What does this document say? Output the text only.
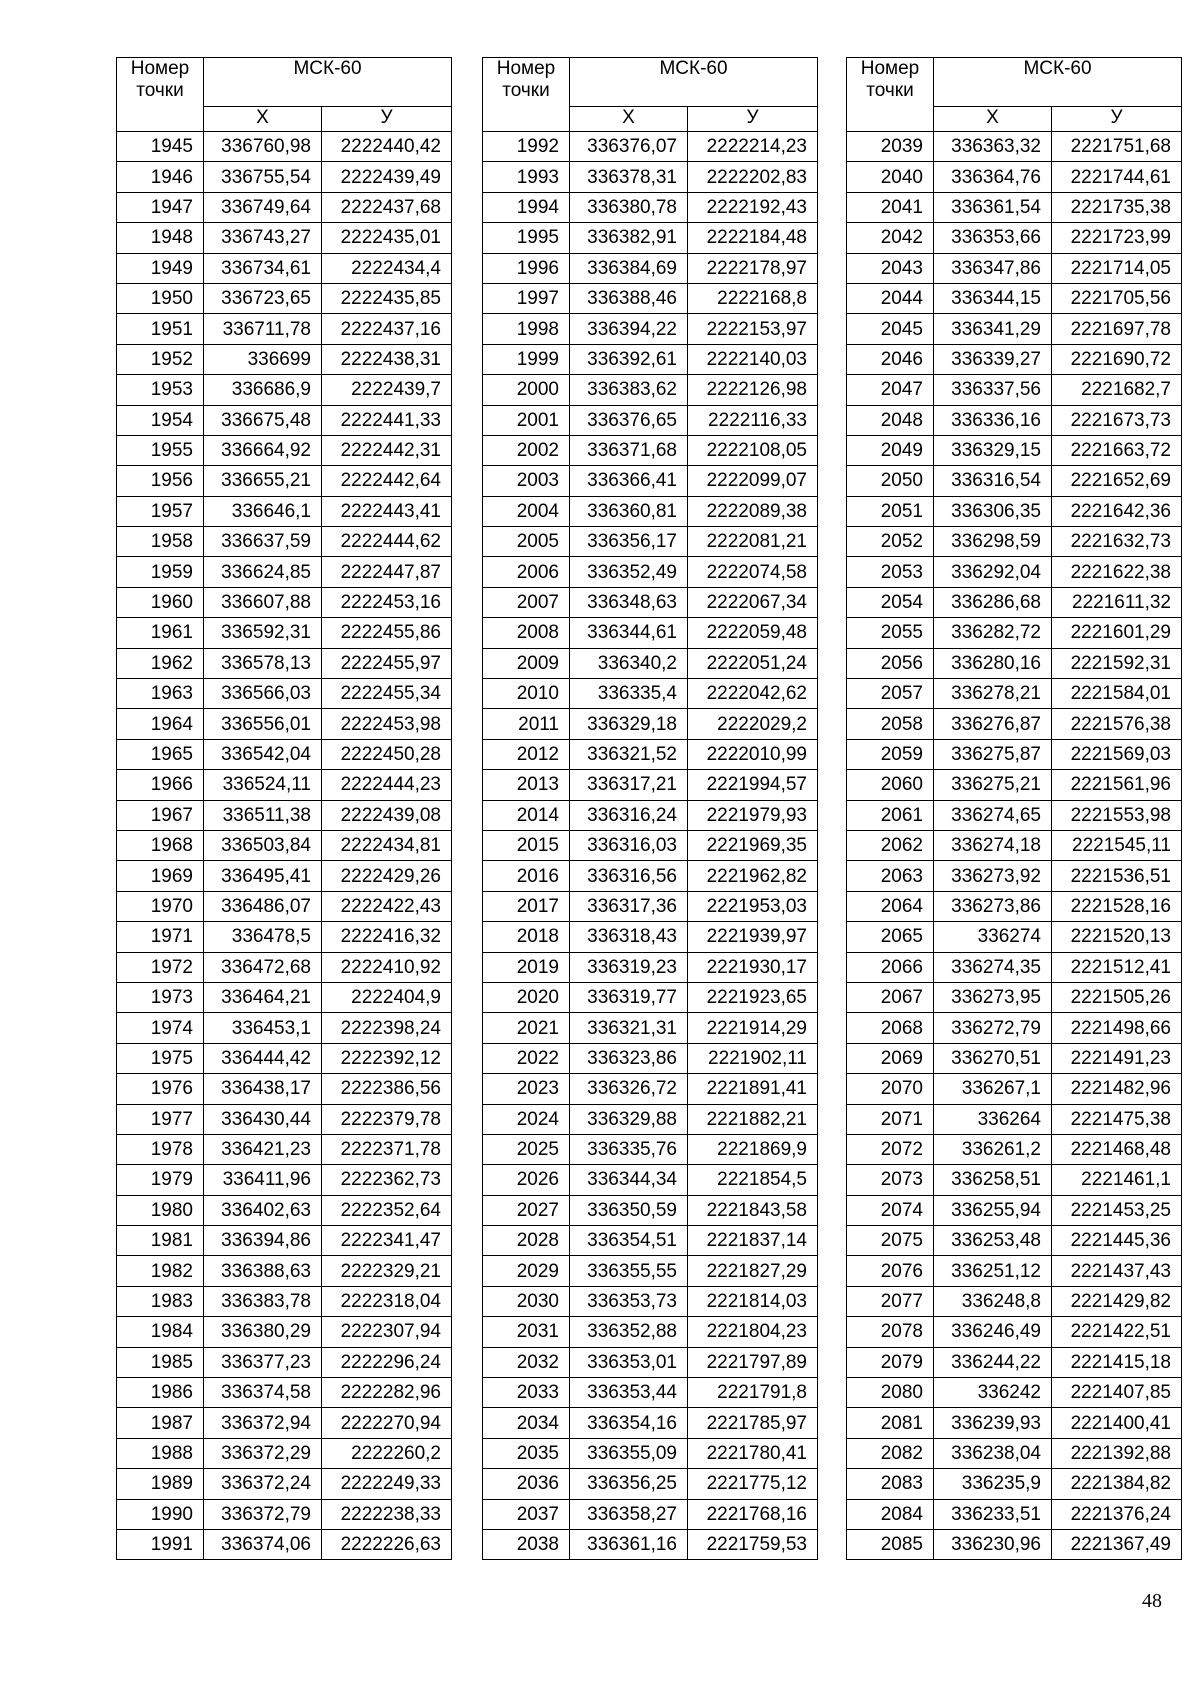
Номер
точки	МСК-60	
	Х	У
1945	336760,98	2222440,42
1946	336755,54	2222439,49
1947	336749,64	2222437,68
1948	336743,27	2222435,01
1949	336734,61	2222434,4
1950	336723,65	2222435,85
1951	336711,78	2222437,16
1952	336699	2222438,31
1953	336686,9	2222439,7
1954	336675,48	2222441,33
1955	336664,92	2222442,31
1956	336655,21	2222442,64
1957	336646,1	2222443,41
1958	336637,59	2222444,62
1959	336624,85	2222447,87
1960	336607,88	2222453,16
1961	336592,31	2222455,86
1962	336578,13	2222455,97
1963	336566,03	2222455,34
1964	336556,01	2222453,98
1965	336542,04	2222450,28
1966	336524,11	2222444,23
1967	336511,38	2222439,08
1968	336503,84	2222434,81
1969	336495,41	2222429,26
1970	336486,07	2222422,43
1971	336478,5	2222416,32
1972	336472,68	2222410,92
1973	336464,21	2222404,9
1974	336453,1	2222398,24
1975	336444,42	2222392,12
1976	336438,17	2222386,56
1977	336430,44	2222379,78
1978	336421,23	2222371,78
1979	336411,96	2222362,73
1980	336402,63	2222352,64
1981	336394,86	2222341,47
1982	336388,63	2222329,21
1983	336383,78	2222318,04
1984	336380,29	2222307,94
1985	336377,23	2222296,24
1986	336374,58	2222282,96
1987	336372,94	2222270,94
1988	336372,29	2222260,2
1989	336372,24	2222249,33
1990	336372,79	2222238,33
1991	336374,06	2222226,63
Номер
точки	МСК-60	
	Х	У
1992	336376,07	2222214,23
1993	336378,31	2222202,83
1994	336380,78	2222192,43
1995	336382,91	2222184,48
1996	336384,69	2222178,97
1997	336388,46	2222168,8
1998	336394,22	2222153,97
1999	336392,61	2222140,03
2000	336383,62	2222126,98
2001	336376,65	2222116,33
2002	336371,68	2222108,05
2003	336366,41	2222099,07
2004	336360,81	2222089,38
2005	336356,17	2222081,21
2006	336352,49	2222074,58
2007	336348,63	2222067,34
2008	336344,61	2222059,48
2009	336340,2	2222051,24
2010	336335,4	2222042,62
2011	336329,18	2222029,2
2012	336321,52	2222010,99
2013	336317,21	2221994,57
2014	336316,24	2221979,93
2015	336316,03	2221969,35
2016	336316,56	2221962,82
2017	336317,36	2221953,03
2018	336318,43	2221939,97
2019	336319,23	2221930,17
2020	336319,77	2221923,65
2021	336321,31	2221914,29
2022	336323,86	2221902,11
2023	336326,72	2221891,41
2024	336329,88	2221882,21
2025	336335,76	2221869,9
2026	336344,34	2221854,5
2027	336350,59	2221843,58
2028	336354,51	2221837,14
2029	336355,55	2221827,29
2030	336353,73	2221814,03
2031	336352,88	2221804,23
2032	336353,01	2221797,89
2033	336353,44	2221791,8
2034	336354,16	2221785,97
2035	336355,09	2221780,41
2036	336356,25	2221775,12
2037	336358,27	2221768,16
2038	336361,16	2221759,53
Номер
точки	МСК-60	
	Х	У
2039	336363,32	2221751,68
2040	336364,76	2221744,61
2041	336361,54	2221735,38
2042	336353,66	2221723,99
2043	336347,86	2221714,05
2044	336344,15	2221705,56
2045	336341,29	2221697,78
2046	336339,27	2221690,72
2047	336337,56	2221682,7
2048	336336,16	2221673,73
2049	336329,15	2221663,72
2050	336316,54	2221652,69
2051	336306,35	2221642,36
2052	336298,59	2221632,73
2053	336292,04	2221622,38
2054	336286,68	2221611,32
2055	336282,72	2221601,29
2056	336280,16	2221592,31
2057	336278,21	2221584,01
2058	336276,87	2221576,38
2059	336275,87	2221569,03
2060	336275,21	2221561,96
2061	336274,65	2221553,98
2062	336274,18	2221545,11
2063	336273,92	2221536,51
2064	336273,86	2221528,16
2065	336274	2221520,13
2066	336274,35	2221512,41
2067	336273,95	2221505,26
2068	336272,79	2221498,66
2069	336270,51	2221491,23
2070	336267,1	2221482,96
2071	336264	2221475,38
2072	336261,2	2221468,48
2073	336258,51	2221461,1
2074	336255,94	2221453,25
2075	336253,48	2221445,36
2076	336251,12	2221437,43
2077	336248,8	2221429,82
2078	336246,49	2221422,51
2079	336244,22	2221415,18
2080	336242	2221407,85
2081	336239,93	2221400,41
2082	336238,04	2221392,88
2083	336235,9	2221384,82
2084	336233,51	2221376,24
2085	336230,96	2221367,49
48
